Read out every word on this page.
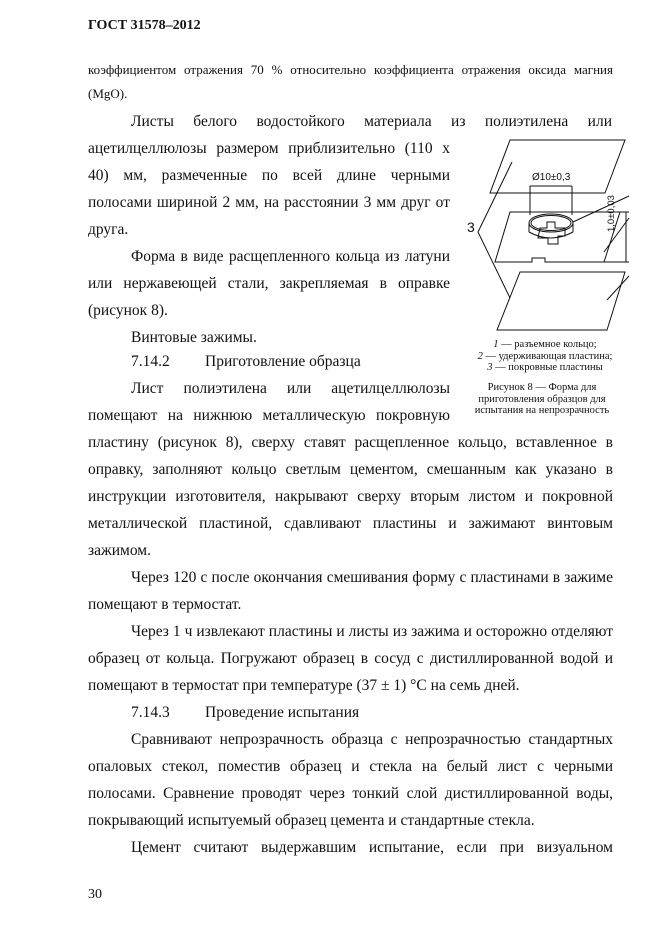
ГОСТ 31578–2012
коэффициентом отражения 70 % относительно коэффициента отражения оксида магния
(MgO).
Листы белого водостойкого материала из полиэтилена или
ацетилцеллюлозы размером приблизительно (110 х
40) мм, размеченные по всей длине черными
полосами шириной 2 мм, на расстоянии 3 мм друг от
друга.
Форма в виде расщепленного кольца из латуни
или нержавеющей стали, закрепляемая в оправке
(рисунок 8).
Винтовые зажимы.
7.14.2 Приготовление образца
Лист полиэтилена или ацетилцеллюлозы
помещают на нижнюю металлическую покровную
пластину (рисунок 8), сверху ставят расщепленное кольцо, вставленное в
оправку, заполняют кольцо светлым цементом, смешанным как указано в
инструкции изготовителя, накрывают сверху вторым листом и покровной
металлической пластиной, сдавливают пластины и зажимают винтовым
зажимом.
Через 120 с после окончания смешивания форму с пластинами в зажиме
помещают в термостат.
Через 1 ч извлекают пластины и листы из зажима и осторожно отделяют
образец от кольца. Погружают образец в сосуд с дистиллированной водой и
помещают в термостат при температуре (37 ± 1) °С на семь дней.
7.14.3 Проведение испытания
Сравнивают непрозрачность образца с непрозрачностью стандартных
опаловых стекол, поместив образец и стекла на белый лист с черными
полосами. Сравнение проводят через тонкий слой дистиллированной воды,
покрывающий испытуемый образец цемента и стандартные стекла.
Цемент считают выдержавшим испытание, если при визуальном
Ø10±0,3
1,0±0,03
3
1 — разъемное кольцо;
2 — удерживающая пластина;
3 — покровные пластины
Рисунок 8 — Форма для
приготовления образцов для
испытания на непрозрачность
30
